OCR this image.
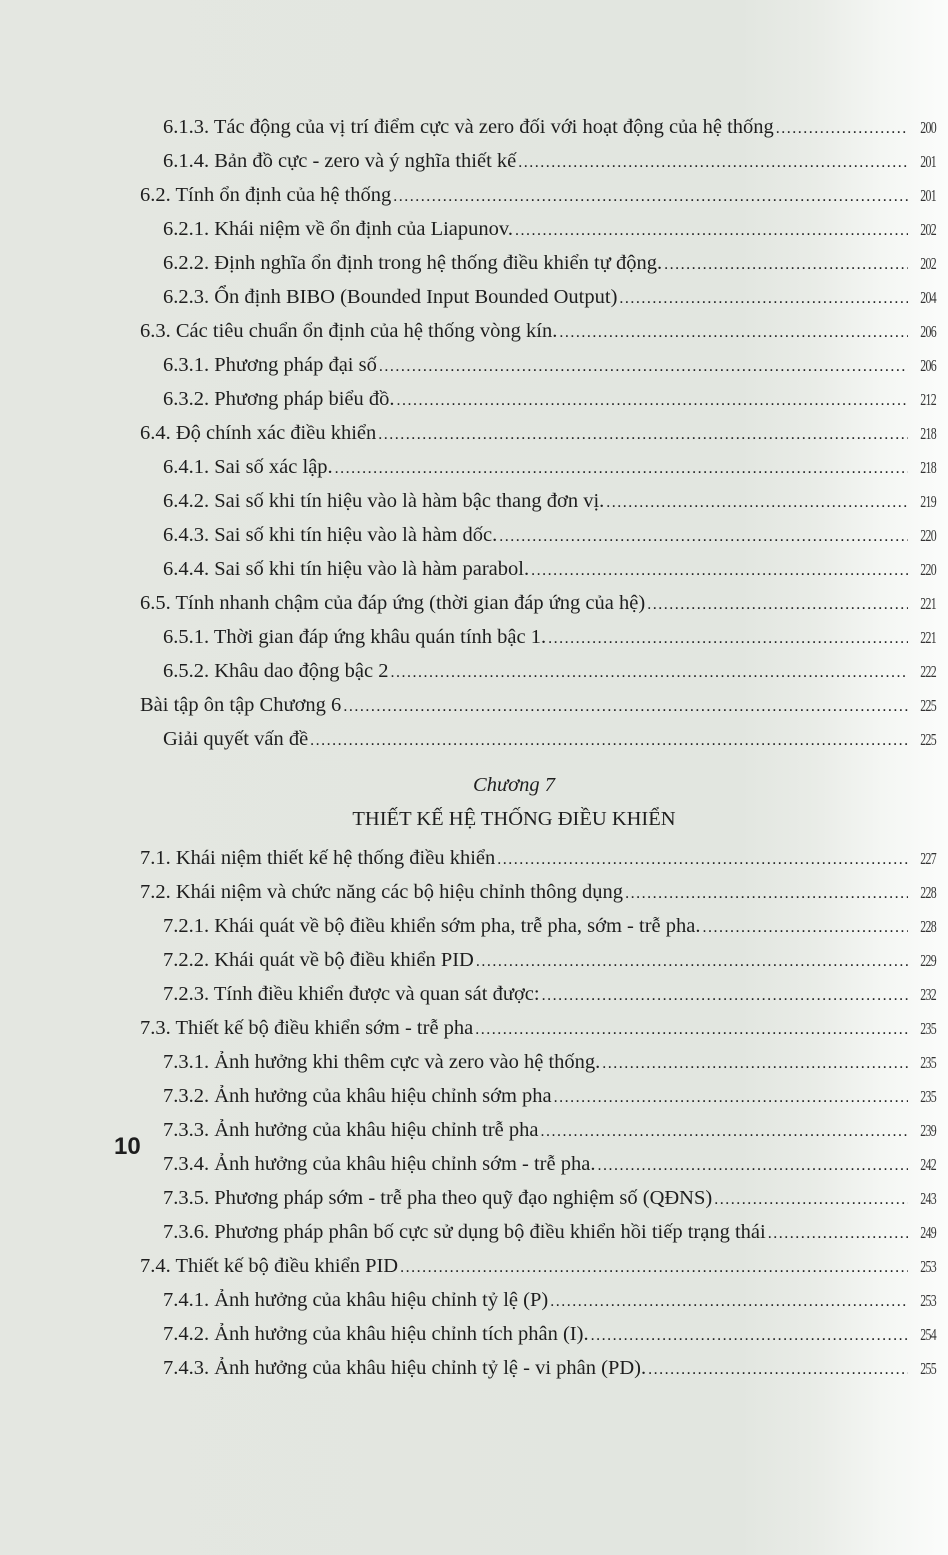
6.1.3. Tác động của vị trí điểm cực và zero đối với hoạt động của hệ thống .....	200
6.1.4. Bản đồ cực - zero và ý nghĩa thiết kế .....	201
6.2. Tính ổn định của hệ thống .....	201
6.2.1. Khái niệm về ổn định của Liapunov. .....	202
6.2.2. Định nghĩa ổn định trong hệ thống điều khiển tự động. .....	202
6.2.3. Ổn định BIBO (Bounded Input Bounded Output) .....	204
6.3. Các tiêu chuẩn ổn định của hệ thống vòng kín. .....	206
6.3.1. Phương pháp đại số .....	206
6.3.2. Phương pháp biểu đồ. .....	212
6.4. Độ chính xác điều khiển .....	218
6.4.1. Sai số xác lập. .....	218
6.4.2. Sai số khi tín hiệu vào là hàm bậc thang đơn vị. .....	219
6.4.3. Sai số khi tín hiệu vào là hàm dốc. .....	220
6.4.4. Sai số khi tín hiệu vào là hàm parabol. .....	220
6.5. Tính nhanh chậm của đáp ứng (thời gian đáp ứng của hệ) .....	221
6.5.1. Thời gian đáp ứng khâu quán tính bậc 1. .....	221
6.5.2. Khâu dao động bậc 2 .....	222
Bài tập ôn tập Chương 6 .....	225
Giải quyết vấn đề .....	225
7.1. Khái niệm thiết kế hệ thống điều khiển .....	227
7.2. Khái niệm và chức năng các bộ hiệu chỉnh thông dụng .....	228
7.2.1. Khái quát về bộ điều khiển sớm pha, trễ pha, sớm - trễ pha. .....	228
7.2.2. Khái quát về bộ điều khiển PID .....	229
7.2.3. Tính điều khiển được và quan sát được: .....	232
7.3. Thiết kế bộ điều khiển sớm - trễ pha .....	235
7.3.1. Ảnh hưởng khi thêm cực và zero vào hệ thống. .....	235
7.3.2. Ảnh hưởng của khâu hiệu chỉnh sớm pha .....	235
7.3.3. Ảnh hưởng của khâu hiệu chỉnh trễ pha .....	239
7.3.4. Ảnh hưởng của khâu hiệu chỉnh sớm - trễ pha. .....	242
7.3.5. Phương pháp sớm - trễ pha theo quỹ đạo nghiệm số (QĐNS) .....	243
7.3.6. Phương pháp phân bố cực sử dụng bộ điều khiển hồi tiếp trạng thái .....	249
7.4. Thiết kế bộ điều khiển PID .....	253
7.4.1. Ảnh hưởng của khâu hiệu chỉnh tỷ lệ (P) .....	253
7.4.2. Ảnh hưởng của khâu hiệu chỉnh tích phân (I). .....	254
7.4.3. Ảnh hưởng của khâu hiệu chỉnh tỷ lệ - vi phân (PD). .....	255
Chương 7
THIẾT KẾ HỆ THỐNG ĐIỀU KHIỂN
10
